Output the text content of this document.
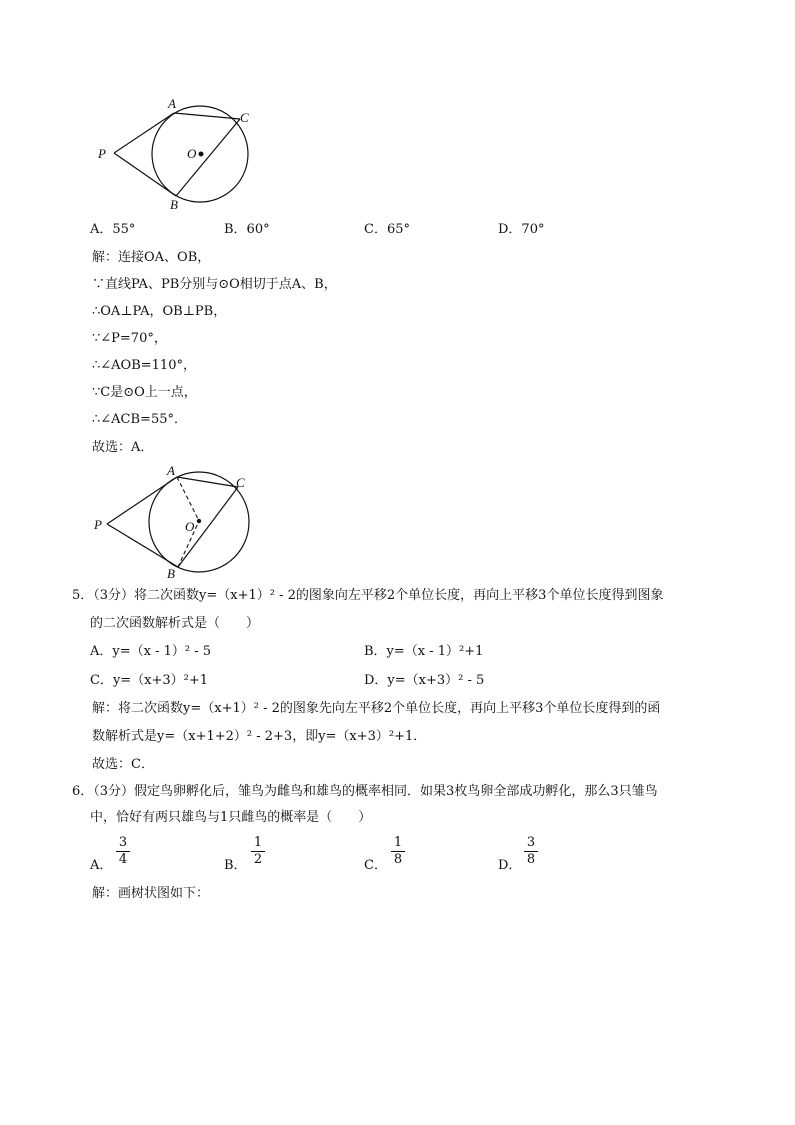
A
C
P	O
B
A．55°	B．60°	C．65°	D．70°
解：连接OA、OB，
∵直线PA、PB分别与⊙O相切于点A、B，
∴OA⊥PA，OB⊥PB，
∵∠P=70°，
∴∠AOB=110°，
∵C是⊙O上一点，
∴∠ACB=55°．
故选：A．
A
C
P	O
B
5．（3分）将二次函数y=（x+1）² - 2的图象向左平移2个单位长度，再向上平移3个单位长度得到图象
的二次函数解析式是（　　）
A．y=（x - 1）² - 5	B．y=（x - 1）²+1
C．y=（x+3）²+1	D．y=（x+3）² - 5
解：将二次函数y=（x+1）² - 2的图象先向左平移2个单位长度，再向上平移3个单位长度得到的函
数解析式是y=（x+1+2）² - 2+3，即y=（x+3）²+1．
故选：C．
6．（3分）假定鸟卵孵化后，雏鸟为雌鸟和雄鸟的概率相同．如果3枚鸟卵全部成功孵化，那么3只雏鸟
中，恰好有两只雄鸟与1只雌鸟的概率是（　　）
A．
3
4	B．
1
2	C．
1
8	D．
3
8
解：画树状图如下：
